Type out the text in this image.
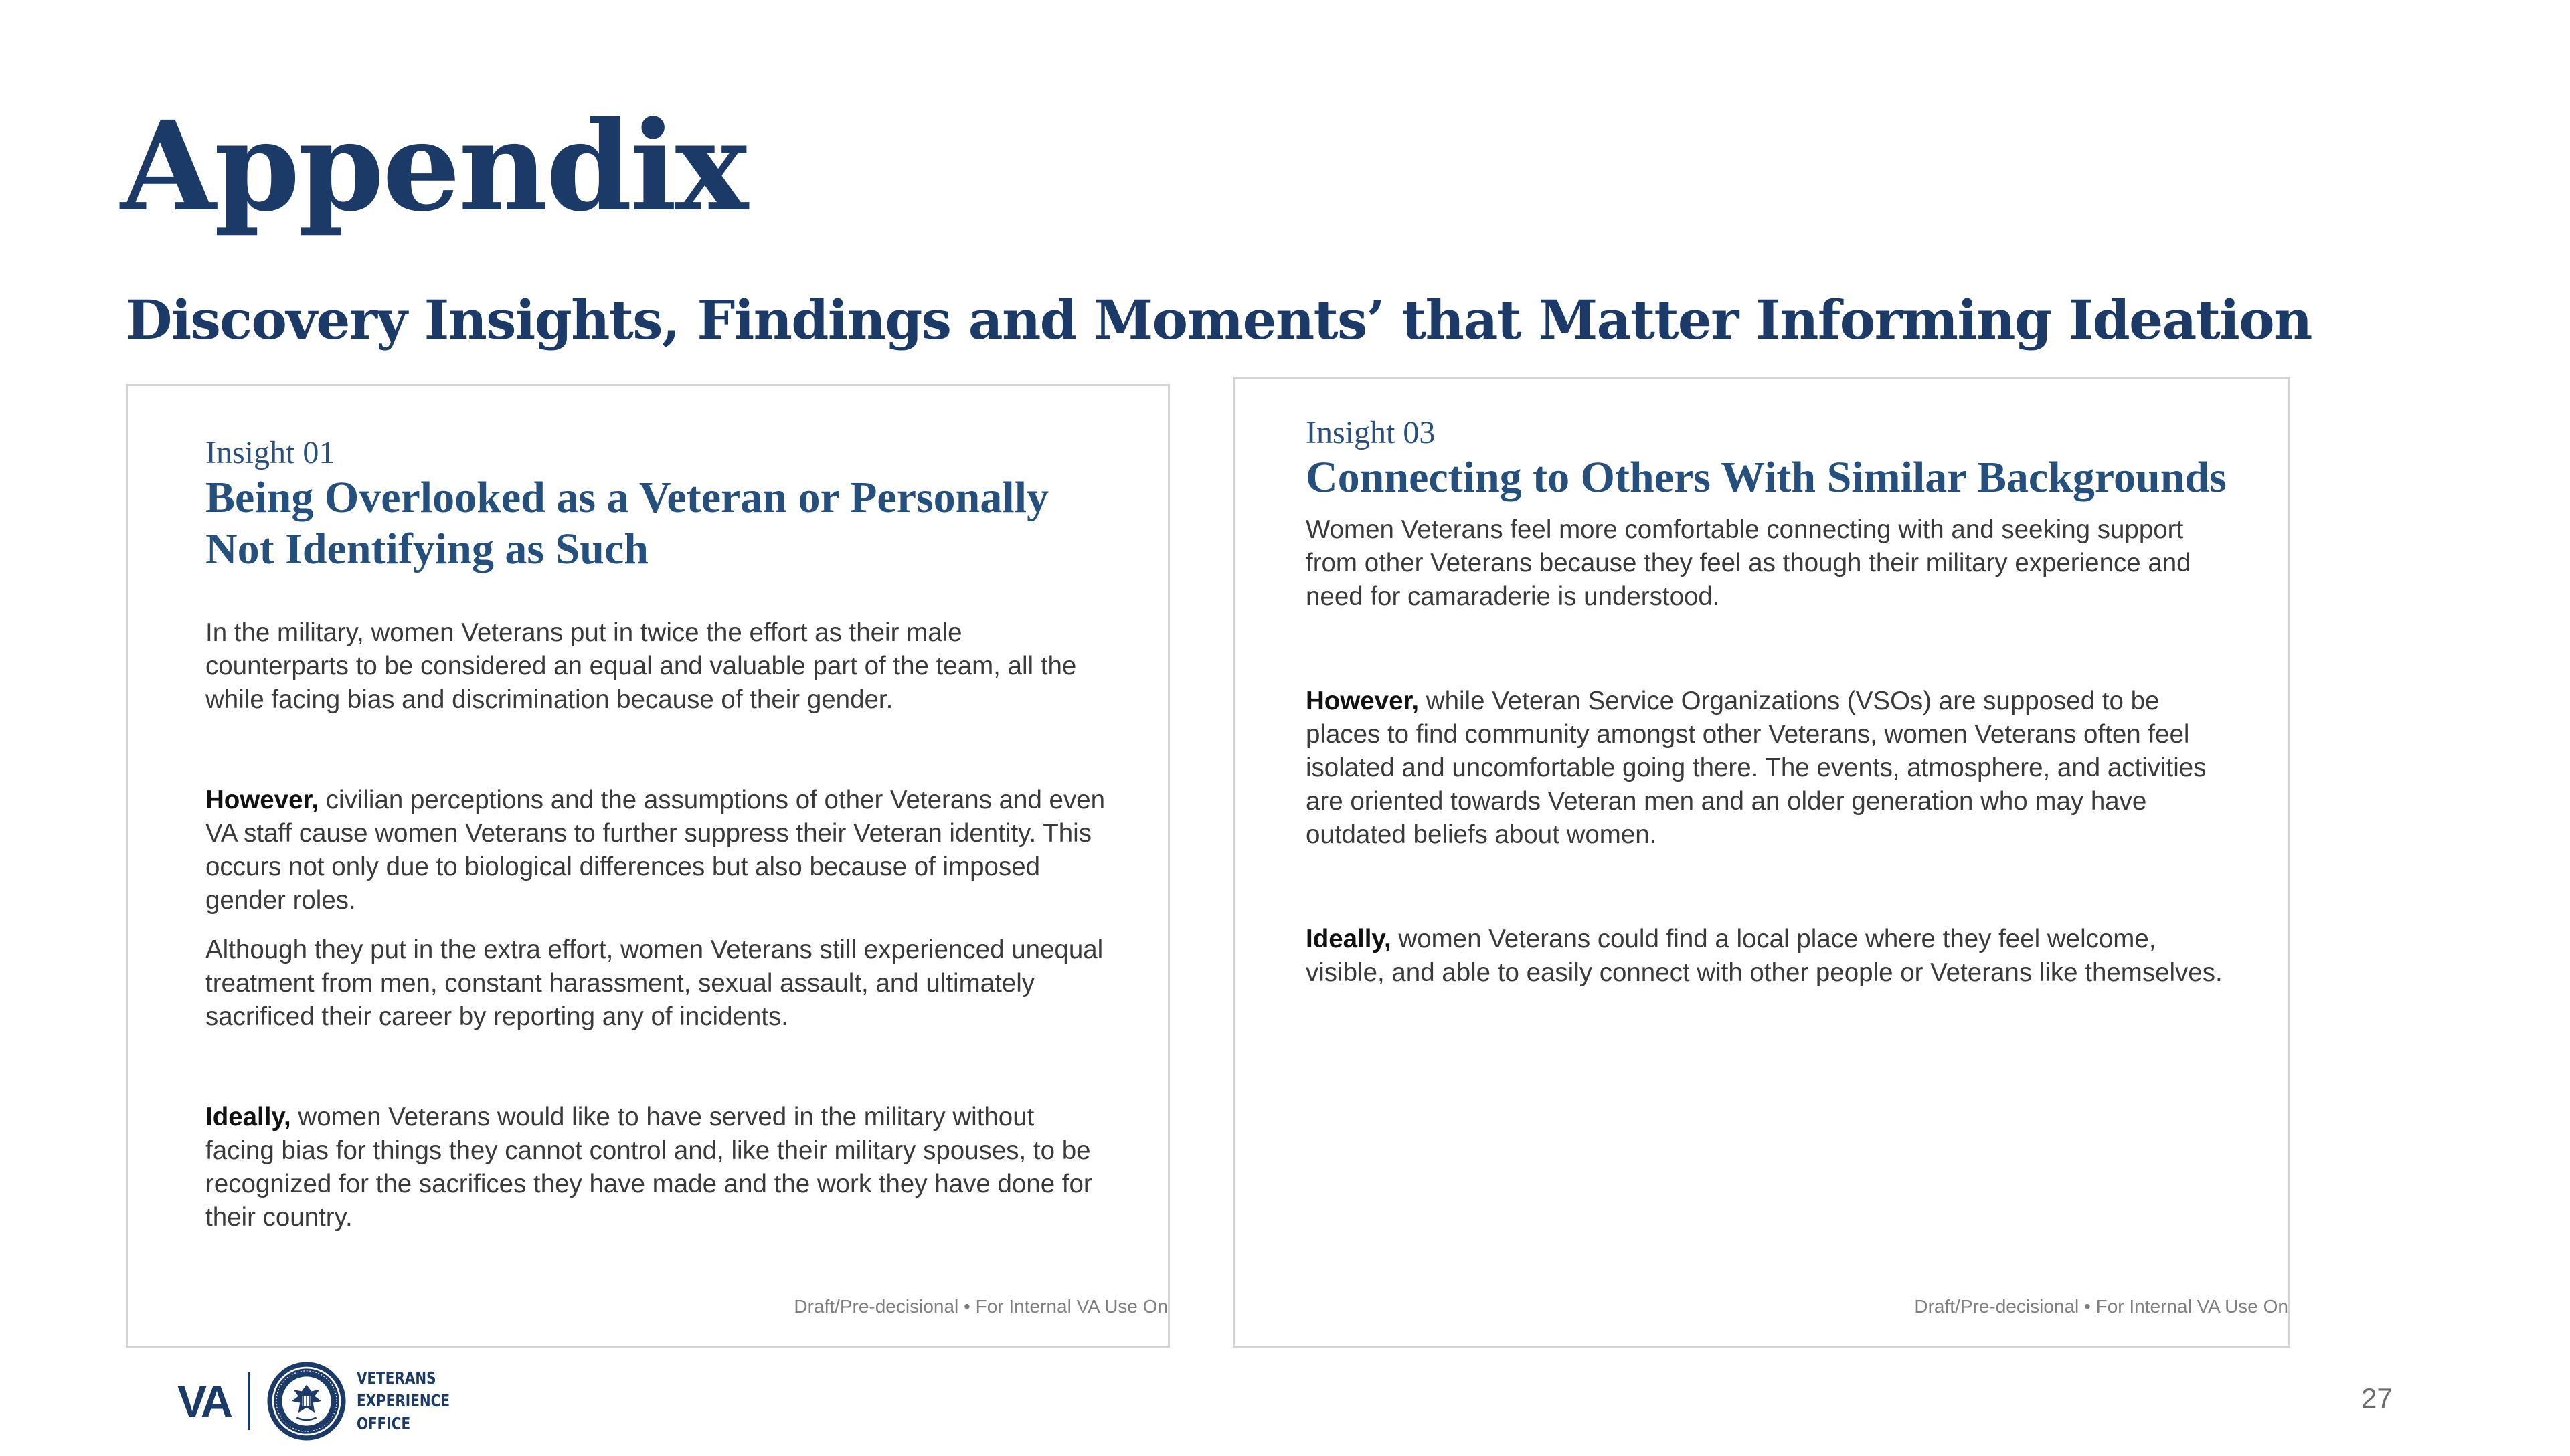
Appendix
Discovery Insights, Findings and Moments’ that Matter Informing Ideation

Insight 01

Being Overlooked as a Veteran or Personally Not Identifying as Such

In the military, women Veterans put in twice the effort as their male counterparts to be considered an equal and valuable part of the team, all the while facing bias and discrimination because of their gender.

However, civilian perceptions and the assumptions of other Veterans and even VA staff cause women Veterans to further suppress their Veteran identity. This occurs not only due to biological differences but also because of imposed gender roles.

Although they put in the extra effort, women Veterans still experienced unequal treatment from men, constant harassment, sexual assault, and ultimately sacrificed their career by reporting any of incidents.

Ideally, women Veterans would like to have served in the military without facing bias for things they cannot control and, like their military spouses, to be recognized for the sacrifices they have made and the work they have done for their country.

Draft/Pre-decisional • For Internal VA Use On

Insight 03

Connecting to Others With Similar Backgrounds

Women Veterans feel more comfortable connecting with and seeking support from other Veterans because they feel as though their military experience and need for camaraderie is understood.

However, while Veteran Service Organizations (VSOs) are supposed to be places to find community amongst other Veterans, women Veterans often feel isolated and uncomfortable going there. The events, atmosphere, and activities are oriented towards Veteran men and an older generation who may have outdated beliefs about women.

Ideally, women Veterans could find a local place where they feel welcome, visible, and able to easily connect with other people or Veterans like themselves.

Draft/Pre-decisional • For Internal VA Use On
VA	VETERANS
EXPERIENCE
OFFICE
27
